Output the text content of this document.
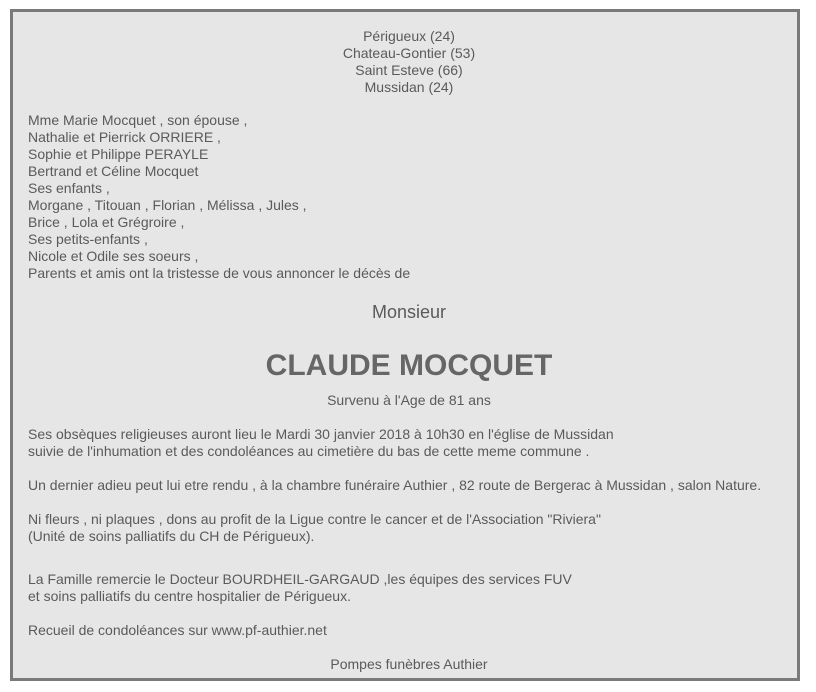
Périgueux (24)
Chateau-Gontier (53)
Saint Esteve (66)
Mussidan (24)
Mme Marie Mocquet , son épouse ,
Nathalie et Pierrick ORRIERE ,
Sophie et Philippe PERAYLE
Bertrand et Céline Mocquet
Ses enfants ,
Morgane , Titouan , Florian , Mélissa , Jules ,
Brice , Lola et Grégroire ,
Ses petits-enfants ,
Nicole et Odile ses soeurs ,
Parents et amis ont la tristesse de vous annoncer le décès de
Monsieur
CLAUDE MOCQUET
Survenu à l'Age de 81 ans
Ses obsèques religieuses auront lieu le Mardi 30 janvier 2018 à 10h30 en l'église de Mussidan
suivie de l'inhumation et des condoléances au cimetière du bas de cette meme commune .
Un dernier adieu peut lui etre rendu , à la chambre funéraire Authier , 82 route de Bergerac à Mussidan , salon Nature.
Ni fleurs , ni plaques , dons au profit de la Ligue contre le cancer et de l'Association "Riviera"
(Unité de soins palliatifs du CH de Périgueux).
La Famille remercie le Docteur BOURDHEIL-GARGAUD ,les équipes des services FUV
et soins palliatifs du centre hospitalier de Périgueux.
Recueil de condoléances sur www.pf-authier.net
Pompes funèbres Authier
